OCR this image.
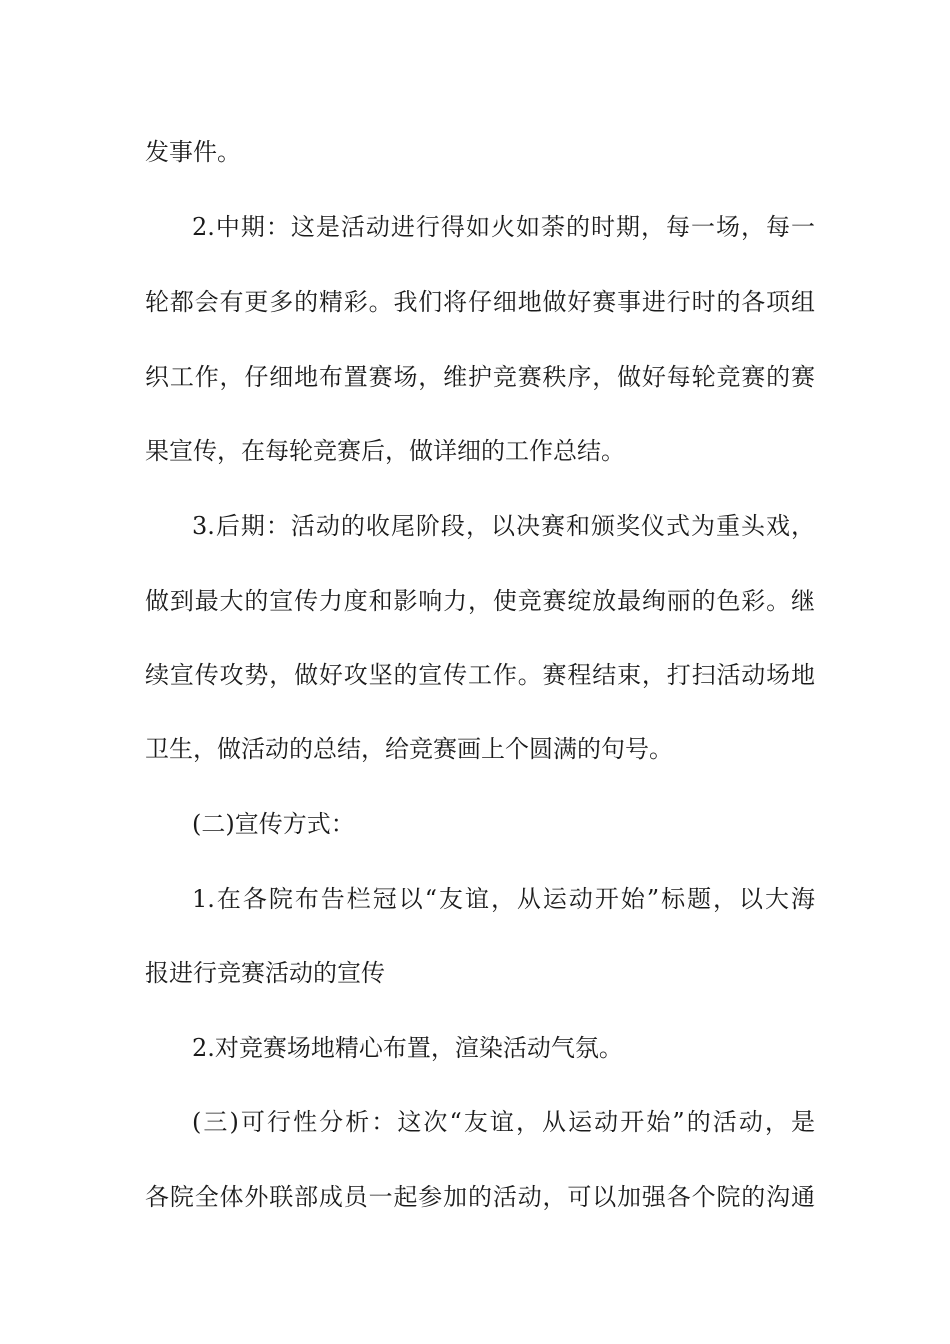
发事件。
2.中期：这是活动进行得如火如荼的时期，每一场，每一
轮都会有更多的精彩。我们将仔细地做好赛事进行时的各项组
织工作，仔细地布置赛场，维护竞赛秩序，做好每轮竞赛的赛
果宣传，在每轮竞赛后，做详细的工作总结。
3.后期：活动的收尾阶段，以决赛和颁奖仪式为重头戏，
做到最大的宣传力度和影响力，使竞赛绽放最绚丽的色彩。继
续宣传攻势，做好攻坚的宣传工作。赛程结束，打扫活动场地
卫生，做活动的总结，给竞赛画上个圆满的句号。
(二)宣传方式：
1.在各院布告栏冠以“友谊，从运动开始”标题，以大海
报进行竞赛活动的宣传
2.对竞赛场地精心布置，渲染活动气氛。
(三)可行性分析：这次“友谊，从运动开始”的活动，是
各院全体外联部成员一起参加的活动，可以加强各个院的沟通
